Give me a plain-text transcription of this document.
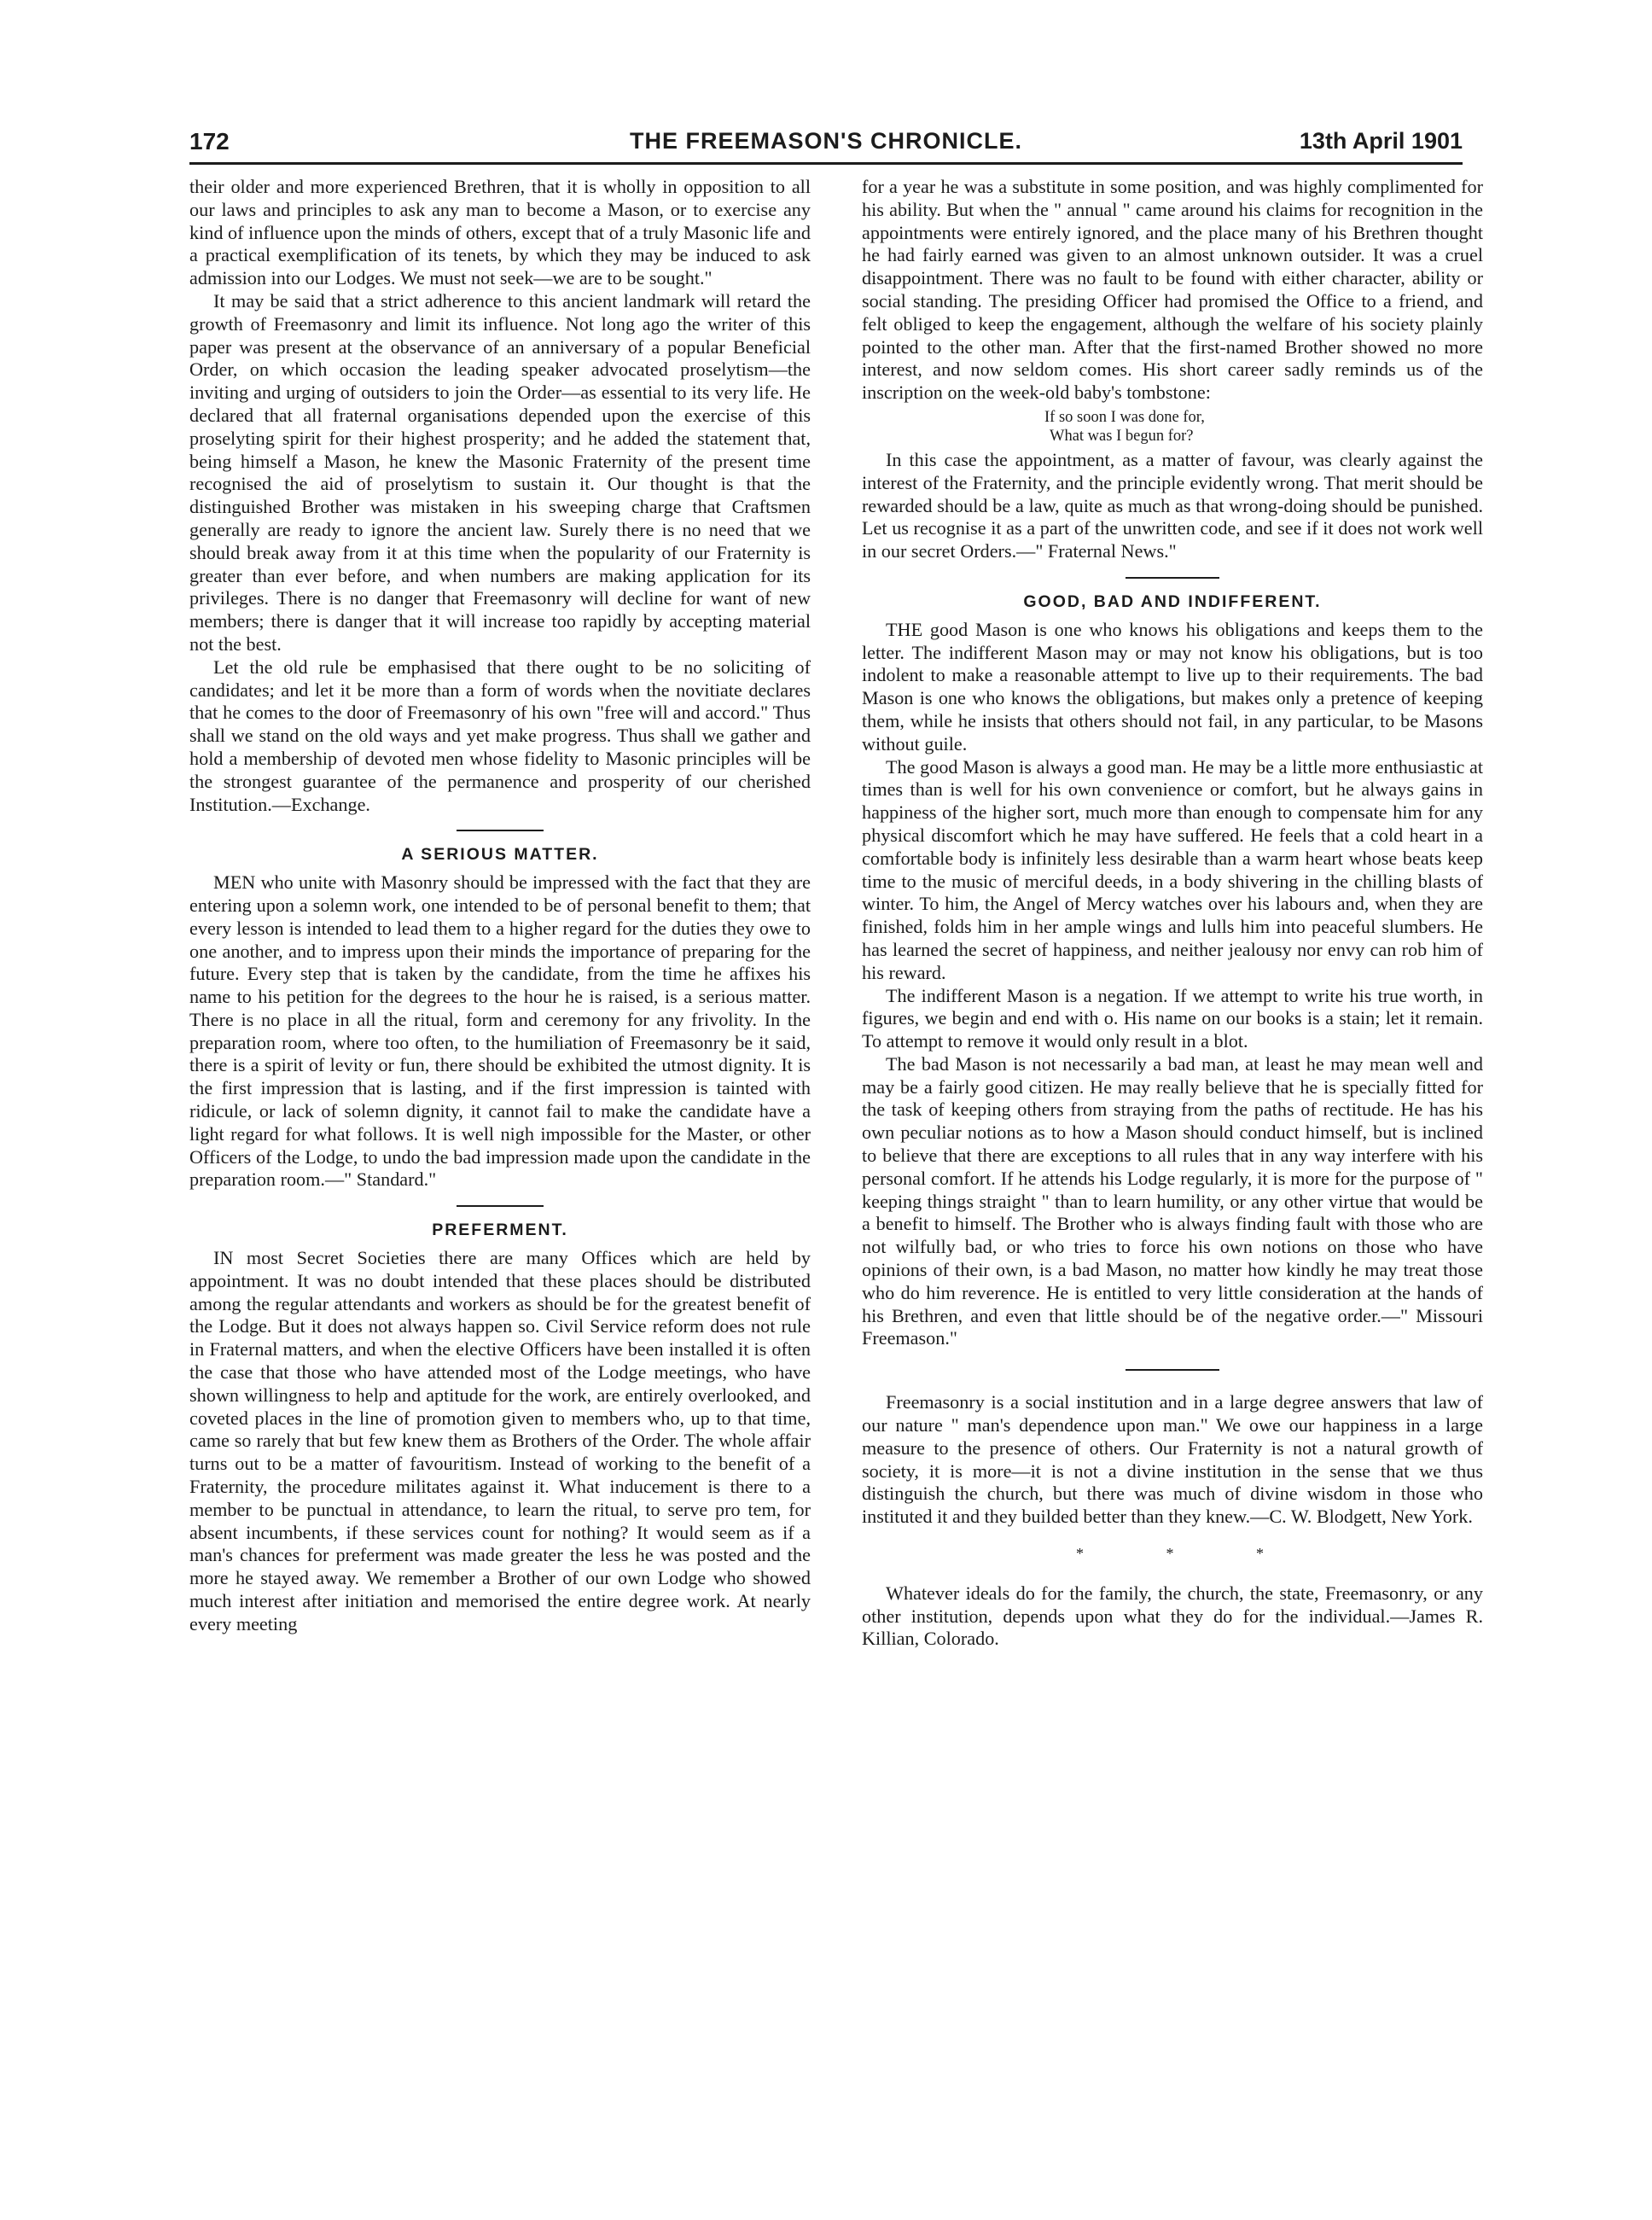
172	THE FREEMASON'S CHRONICLE.	13th April 1901

their older and more experienced Brethren, that it is wholly in opposition to all our laws and principles to ask any man to become a Mason, or to exercise any kind of influence upon the minds of others, except that of a truly Masonic life and a practical exemplification of its tenets, by which they may be induced to ask admission into our Lodges. We must not seek—we are to be sought."

It may be said that a strict adherence to this ancient landmark will retard the growth of Freemasonry and limit its influence. Not long ago the writer of this paper was present at the observance of an anniversary of a popular Beneficial Order, on which occasion the leading speaker advocated proselytism—the inviting and urging of outsiders to join the Order—as essential to its very life. He declared that all fraternal organisations depended upon the exercise of this proselyting spirit for their highest prosperity; and he added the statement that, being himself a Mason, he knew the Masonic Fraternity of the present time recognised the aid of proselytism to sustain it. Our thought is that the distinguished Brother was mistaken in his sweeping charge that Craftsmen generally are ready to ignore the ancient law. Surely there is no need that we should break away from it at this time when the popularity of our Fraternity is greater than ever before, and when numbers are making application for its privileges. There is no danger that Freemasonry will decline for want of new members; there is danger that it will increase too rapidly by accepting material not the best.

Let the old rule be emphasised that there ought to be no soliciting of candidates; and let it be more than a form of words when the novitiate declares that he comes to the door of Freemasonry of his own "free will and accord." Thus shall we stand on the old ways and yet make progress. Thus shall we gather and hold a membership of devoted men whose fidelity to Masonic principles will be the strongest guarantee of the permanence and prosperity of our cherished Institution.—Exchange.

A SERIOUS MATTER.

MEN who unite with Masonry should be impressed with the fact that they are entering upon a solemn work, one intended to be of personal benefit to them; that every lesson is intended to lead them to a higher regard for the duties they owe to one another, and to impress upon their minds the importance of preparing for the future. Every step that is taken by the candidate, from the time he affixes his name to his petition for the degrees to the hour he is raised, is a serious matter. There is no place in all the ritual, form and ceremony for any frivolity. In the preparation room, where too often, to the humiliation of Freemasonry be it said, there is a spirit of levity or fun, there should be exhibited the utmost dignity. It is the first impression that is lasting, and if the first impression is tainted with ridicule, or lack of solemn dignity, it cannot fail to make the candidate have a light regard for what follows. It is well nigh impossible for the Master, or other Officers of the Lodge, to undo the bad impression made upon the candidate in the preparation room.—" Standard."

PREFERMENT.

IN most Secret Societies there are many Offices which are held by appointment. It was no doubt intended that these places should be distributed among the regular attendants and workers as should be for the greatest benefit of the Lodge. But it does not always happen so. Civil Service reform does not rule in Fraternal matters, and when the elective Officers have been installed it is often the case that those who have attended most of the Lodge meetings, who have shown willingness to help and aptitude for the work, are entirely overlooked, and coveted places in the line of promotion given to members who, up to that time, came so rarely that but few knew them as Brothers of the Order. The whole affair turns out to be a matter of favouritism. Instead of working to the benefit of a Fraternity, the procedure militates against it. What inducement is there to a member to be punctual in attendance, to learn the ritual, to serve pro tem, for absent incumbents, if these services count for nothing? It would seem as if a man's chances for preferment was made greater the less he was posted and the more he stayed away. We remember a Brother of our own Lodge who showed much interest after initiation and memorised the entire degree work. At nearly every meeting

for a year he was a substitute in some position, and was highly complimented for his ability. But when the " annual " came around his claims for recognition in the appointments were entirely ignored, and the place many of his Brethren thought he had fairly earned was given to an almost unknown outsider. It was a cruel disappointment. There was no fault to be found with either character, ability or social standing. The presiding Officer had promised the Office to a friend, and felt obliged to keep the engagement, although the welfare of his society plainly pointed to the other man. After that the first-named Brother showed no more interest, and now seldom comes. His short career sadly reminds us of the inscription on the week-old baby's tombstone:

If so soon I was done for,
What was I begun for?

In this case the appointment, as a matter of favour, was clearly against the interest of the Fraternity, and the principle evidently wrong. That merit should be rewarded should be a law, quite as much as that wrong-doing should be punished. Let us recognise it as a part of the unwritten code, and see if it does not work well in our secret Orders.—" Fraternal News."

GOOD, BAD AND INDIFFERENT.

THE good Mason is one who knows his obligations and keeps them to the letter. The indifferent Mason may or may not know his obligations, but is too indolent to make a reasonable attempt to live up to their requirements. The bad Mason is one who knows the obligations, but makes only a pretence of keeping them, while he insists that others should not fail, in any particular, to be Masons without guile.

The good Mason is always a good man. He may be a little more enthusiastic at times than is well for his own convenience or comfort, but he always gains in happiness of the higher sort, much more than enough to compensate him for any physical discomfort which he may have suffered. He feels that a cold heart in a comfortable body is infinitely less desirable than a warm heart whose beats keep time to the music of merciful deeds, in a body shivering in the chilling blasts of winter. To him, the Angel of Mercy watches over his labours and, when they are finished, folds him in her ample wings and lulls him into peaceful slumbers. He has learned the secret of happiness, and neither jealousy nor envy can rob him of his reward.

The indifferent Mason is a negation. If we attempt to write his true worth, in figures, we begin and end with o. His name on our books is a stain; let it remain. To attempt to remove it would only result in a blot.

The bad Mason is not necessarily a bad man, at least he may mean well and may be a fairly good citizen. He may really believe that he is specially fitted for the task of keeping others from straying from the paths of rectitude. He has his own peculiar notions as to how a Mason should conduct himself, but is inclined to believe that there are exceptions to all rules that in any way interfere with his personal comfort. If he attends his Lodge regularly, it is more for the purpose of " keeping things straight " than to learn humility, or any other virtue that would be a benefit to himself. The Brother who is always finding fault with those who are not wilfully bad, or who tries to force his own notions on those who have opinions of their own, is a bad Mason, no matter how kindly he may treat those who do him reverence. He is entitled to very little consideration at the hands of his Brethren, and even that little should be of the negative order.—" Missouri Freemason."

Freemasonry is a social institution and in a large degree answers that law of our nature " man's dependence upon man." We owe our happiness in a large measure to the presence of others. Our Fraternity is not a natural growth of society, it is more—it is not a divine institution in the sense that we thus distinguish the church, but there was much of divine wisdom in those who instituted it and they builded better than they knew.—C. W. Blodgett, New York.

* * *

Whatever ideals do for the family, the church, the state, Freemasonry, or any other institution, depends upon what they do for the individual.—James R. Killian, Colorado.
